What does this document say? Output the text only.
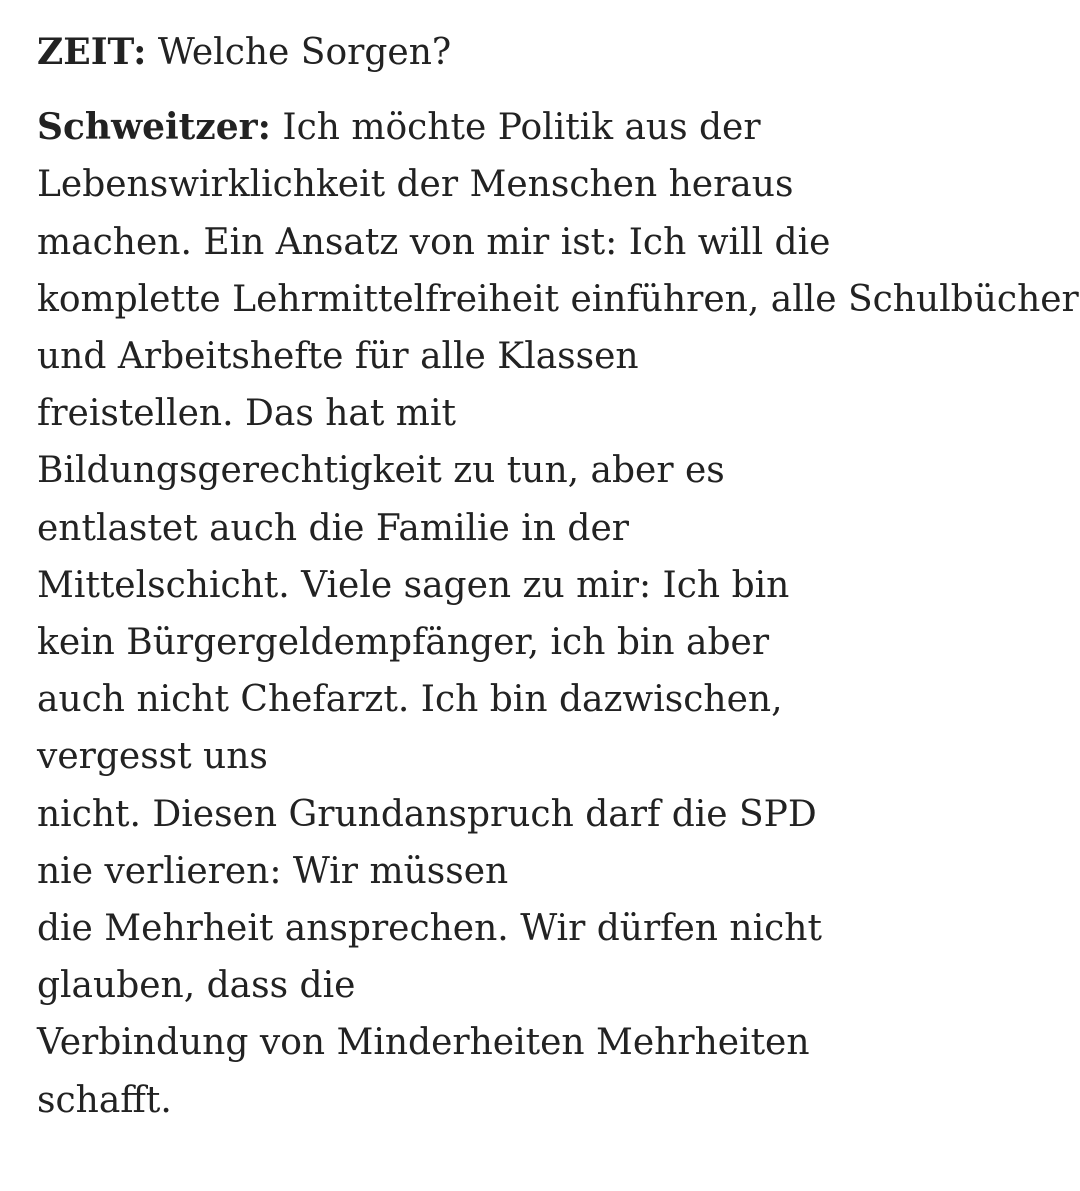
ZEIT: Welche Sorgen?

Schweitzer: Ich möchte Politik aus der
Lebenswirklichkeit der Menschen heraus
machen. Ein Ansatz von mir ist: Ich will die
komplette Lehrmittelfreiheit einführen, alle Schulbücher
und Arbeitshefte für alle Klassen
freistellen. Das hat mit
Bildungsgerechtigkeit zu tun, aber es
entlastet auch die Familie in der
Mittelschicht. Viele sagen zu mir: Ich bin
kein Bürgergeldempfänger, ich bin aber
auch nicht Chefarzt. Ich bin dazwischen,
vergesst uns
nicht. Diesen Grundanspruch darf die SPD
nie verlieren: Wir müssen
die Mehrheit ansprechen. Wir dürfen nicht
glauben, dass die
Verbindung von Minderheiten Mehrheiten
schafft.
